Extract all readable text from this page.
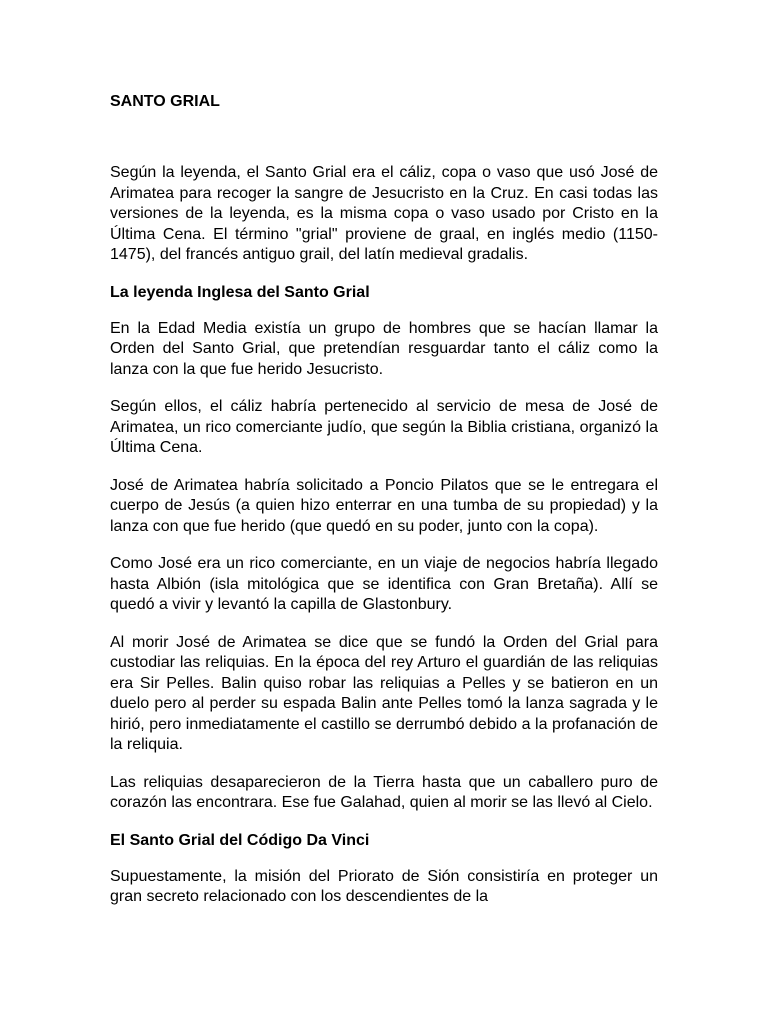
SANTO GRIAL

Según la leyenda, el Santo Grial era el cáliz, copa o vaso que usó José de Arimatea para recoger la sangre de Jesucristo en la Cruz. En casi todas las versiones de la leyenda, es la misma copa o vaso usado por Cristo en la Última Cena. El término "grial" proviene de graal, en inglés medio (1150-1475), del francés antiguo grail, del latín medieval gradalis.

La leyenda Inglesa del Santo Grial

En la Edad Media existía un grupo de hombres que se hacían llamar la Orden del Santo Grial, que pretendían resguardar tanto el cáliz como la lanza con la que fue herido Jesucristo.

Según ellos, el cáliz habría pertenecido al servicio de mesa de José de Arimatea, un rico comerciante judío, que según la Biblia cristiana, organizó la Última Cena.

José de Arimatea habría solicitado a Poncio Pilatos que se le entregara el cuerpo de Jesús (a quien hizo enterrar en una tumba de su propiedad) y la lanza con que fue herido (que quedó en su poder, junto con la copa).

Como José era un rico comerciante, en un viaje de negocios habría llegado hasta Albión (isla mitológica que se identifica con Gran Bretaña). Allí se quedó a vivir y levantó la capilla de Glastonbury.

Al morir José de Arimatea se dice que se fundó la Orden del Grial para custodiar las reliquias. En la época del rey Arturo el guardián de las reliquias era Sir Pelles. Balin quiso robar las reliquias a Pelles y se batieron en un duelo pero al perder su espada Balin ante Pelles tomó la lanza sagrada y le hirió, pero inmediatamente el castillo se derrumbó debido a la profanación de la reliquia.

Las reliquias desaparecieron de la Tierra hasta que un caballero puro de corazón las encontrara. Ese fue Galahad, quien al morir se las llevó al Cielo.

El Santo Grial del Código Da Vinci

Supuestamente, la misión del Priorato de Sión consistiría en proteger un gran secreto relacionado con los descendientes de la
